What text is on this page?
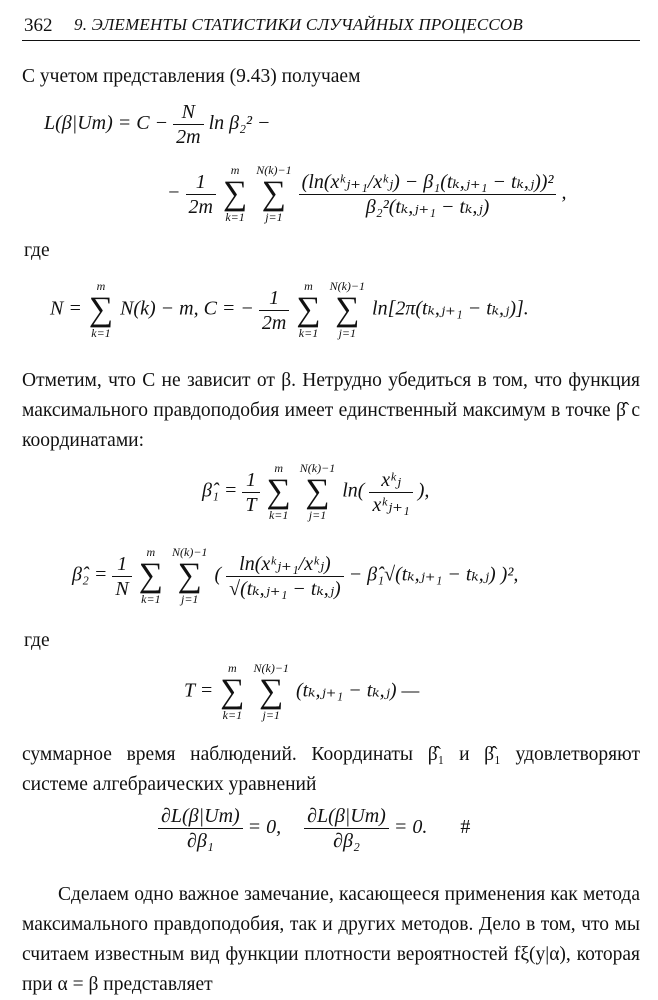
362 9. ЭЛЕМЕНТЫ СТАТИСТИКИ СЛУЧАЙНЫХ ПРОЦЕССОВ
С учетом представления (9.43) получаем
$L(\beta|Um) = C - \frac{N}{2m}$ ln β₂² −
− $\frac{1}{2m}$
	m
∑
k=1

N(k)−1
∑
j=1
$\frac{\text{(ln(xᵏⱼ₊₁/xᵏⱼ) − β₁(tₖ,ⱼ₊₁ − tₖ,ⱼ))²}}{\text{β₂²(tₖ,ⱼ₊₁ − tₖ,ⱼ)}}$ ,
где
N =
m
∑
k=1
N(k) − m, C = − $\frac{1}{2m}$
	m
∑
k=1

N(k)−1
∑
j=1
ln[2π(tₖ,ⱼ₊₁ − tₖ,ⱼ)].
Отметим, что C не зависит от β. Нетрудно убедиться в том, что функция максимального правдоподобия имеет единственный максимум в точке β̂ с координатами:
β̂₁ = $\frac{1}{T}$
	m
∑
k=1

N(k)−1
∑
j=1
$\ln( \frac{\text{xᵏⱼ}}{\text{xᵏⱼ₊₁}}$ ),
β̂₂ = $\frac{1}{N}$
	m
∑
k=1

N(k)−1
∑
j=1
( $\frac{\text{ln(xᵏⱼ₊₁/xᵏⱼ)}}{\text{√(tₖ,ⱼ₊₁ − tₖ,ⱼ)}}$ − β̂₁√(tₖ,ⱼ₊₁ − tₖ,ⱼ) )²,
где
T =
m
∑
k=1

N(k)−1
∑
j=1
(tₖ,ⱼ₊₁ − tₖ,ⱼ) —
суммарное время наблюдений. Координаты β̂₁ и β̂₁ удовлетворяют системе алгебраических уравнений
$\frac{\partial L(\beta|Um)}{\text{∂β₁}} = 0$, $\frac{\partial L(\beta|Um)}{\text{∂β₂}} = 0$. #
Сделаем одно важное замечание, касающееся применения как метода максимального правдоподобия, так и других методов. Дело в том, что мы считаем известным вид функции плотности вероятностей fξ(y|α), которая при α = β представляет
